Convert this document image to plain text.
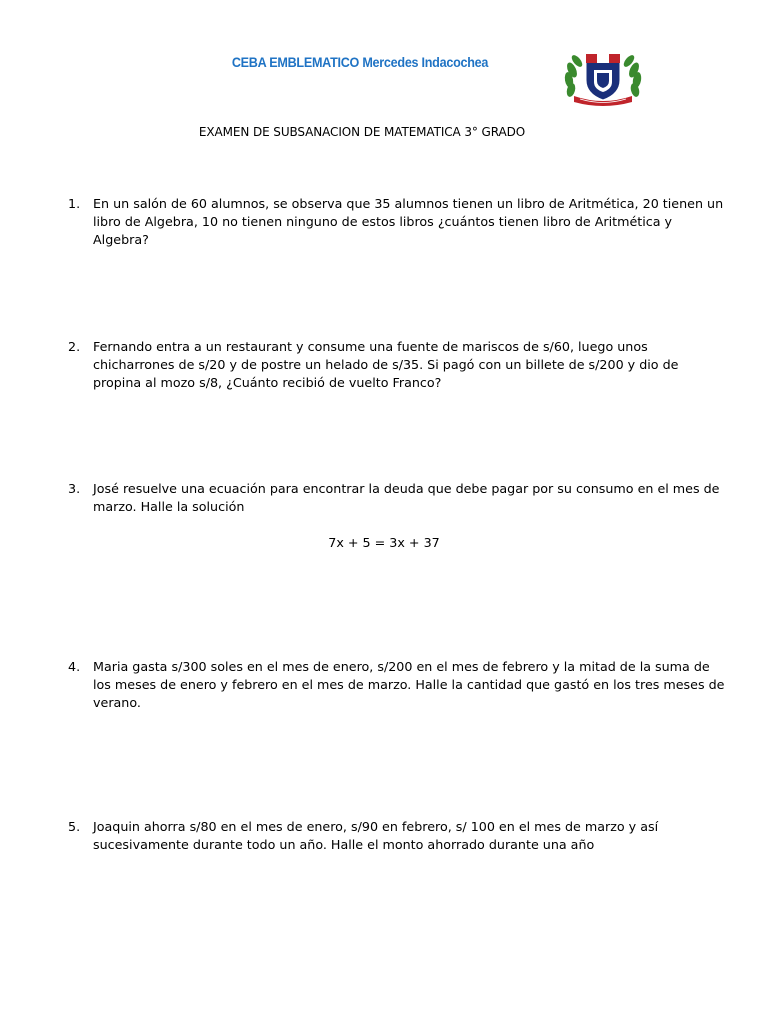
CEBA EMBLEMATICO Mercedes Indacochea
EXAMEN DE SUBSANACION DE MATEMATICA 3° GRADO
1.	En un salón de 60 alumnos, se observa que 35 alumnos tienen un libro de Aritmética, 20 tienen un libro de Algebra, 10 no tienen ninguno de estos libros ¿cuántos tienen libro de Aritmética y Algebra?
2.	Fernando entra a un restaurant y consume una fuente de mariscos de s/60, luego unos chicharrones de s/20 y de postre un helado de s/35. Si pagó con un billete de s/200 y dio de propina al mozo s/8, ¿Cuánto recibió de vuelto Franco?
3.	José resuelve una ecuación para encontrar la deuda que debe pagar por su consumo en el mes de marzo. Halle la solución
7x + 5 = 3x + 37
4.	Maria gasta s/300 soles en el mes de enero, s/200 en el mes de febrero y la mitad de la suma de los meses de enero y febrero en el mes de marzo. Halle la cantidad que gastó en los tres meses de verano.
5.	Joaquin ahorra s/80 en el mes de enero, s/90 en febrero, s/ 100 en el mes de marzo y así sucesivamente durante todo un año. Halle el monto ahorrado durante una año
